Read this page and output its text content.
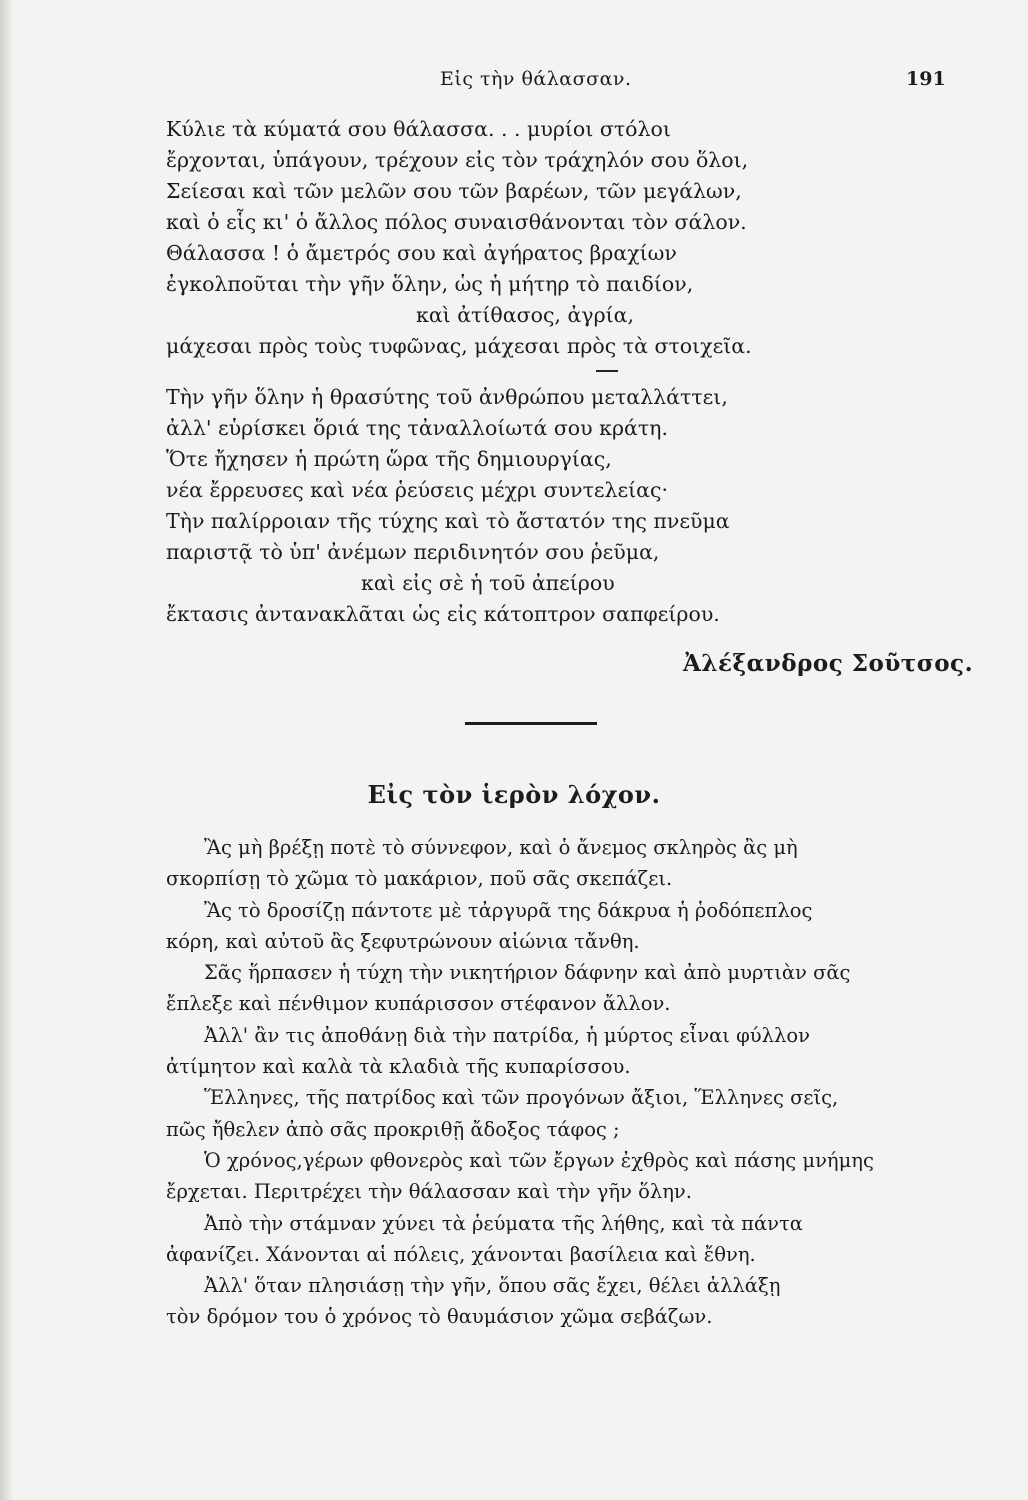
Εἰς τὴν θάλασσαν.	191
Κύλιε τὰ κύματά σου θάλασσα. . . μυρίοι στόλοι
ἔρχονται, ὑπάγουν, τρέχουν εἰς τὸν τράχηλόν σου ὅλοι,
Σείεσαι καὶ τῶν μελῶν σου τῶν βαρέων, τῶν μεγάλων,
καὶ ὁ εἷς κι' ὁ ἄλλος πόλος συναισθάνονται τὸν σάλον.
Θάλασσα ! ὁ ἄμετρός σου καὶ ἀγήρατος βραχίων
ἐγκολποῦται τὴν γῆν ὅλην, ὡς ἡ μήτηρ τὸ παιδίον,
καὶ ἀτίθασος, ἀγρία,
μάχεσαι πρὸς τοὺς τυφῶνας, μάχεσαι πρὸς τὰ στοιχεῖα.
Τὴν γῆν ὅλην ἡ θρασύτης τοῦ ἀνθρώπου μεταλλάττει,
ἀλλ' εὑρίσκει ὅριά της τἀναλλοίωτά σου κράτη.
Ὅτε ἤχησεν ἡ πρώτη ὥρα τῆς δημιουργίας,
νέα ἔρρευσες καὶ νέα ῥεύσεις μέχρι συντελείας·
Τὴν παλίρροιαν τῆς τύχης καὶ τὸ ἄστατόν της πνεῦμα
παριστᾷ τὸ ὑπ' ἀνέμων περιδινητόν σου ῥεῦμα,
καὶ εἰς σὲ ἡ τοῦ ἀπείρου
ἔκτασις ἀντανακλᾶται ὡς εἰς κάτοπτρον σαπφείρου.
Ἀλέξανδρος Σοῦτσος.
Εἰς τὸν ἱερὸν λόχον.
Ἂς μὴ βρέξῃ ποτὲ τὸ σύννεφον, καὶ ὁ ἄνεμος σκληρὸς ἂς μὴ
σκορπίσῃ τὸ χῶμα τὸ μακάριον, ποῦ σᾶς σκεπάζει.
Ἂς τὸ δροσίζῃ πάντοτε μὲ τἀργυρᾶ της δάκρυα ἡ ῥοδόπεπλος
κόρη, καὶ αὐτοῦ ἂς ξεφυτρώνουν αἰώνια τἄνθη.
Σᾶς ἥρπασεν ἡ τύχη τὴν νικητήριον δάφνην καὶ ἀπὸ μυρτιὰν σᾶς
ἔπλεξε καὶ πένθιμον κυπάρισσον στέφανον ἄλλον.
Ἀλλ' ἂν τις ἀποθάνῃ διὰ τὴν πατρίδα, ἡ μύρτος εἶναι φύλλον
ἀτίμητον καὶ καλὰ τὰ κλαδιὰ τῆς κυπαρίσσου.
Ἕλληνες, τῆς πατρίδος καὶ τῶν προγόνων ἄξιοι, Ἕλληνες σεῖς,
πῶς ἤθελεν ἀπὸ σᾶς προκριθῇ ἄδοξος τάφος ;
Ὁ χρόνος,γέρων φθονερὸς καὶ τῶν ἔργων ἐχθρὸς καὶ πάσης μνήμης
ἔρχεται. Περιτρέχει τὴν θάλασσαν καὶ τὴν γῆν ὅλην.
Ἀπὸ τὴν στάμναν χύνει τὰ ῥεύματα τῆς λήθης, καὶ τὰ πάντα
ἀφανίζει. Χάνονται αἱ πόλεις, χάνονται βασίλεια καὶ ἔθνη.
Ἀλλ' ὅταν πλησιάσῃ τὴν γῆν, ὅπου σᾶς ἔχει, θέλει ἀλλάξῃ
τὸν δρόμον του ὁ χρόνος τὸ θαυμάσιον χῶμα σεβάζων.
